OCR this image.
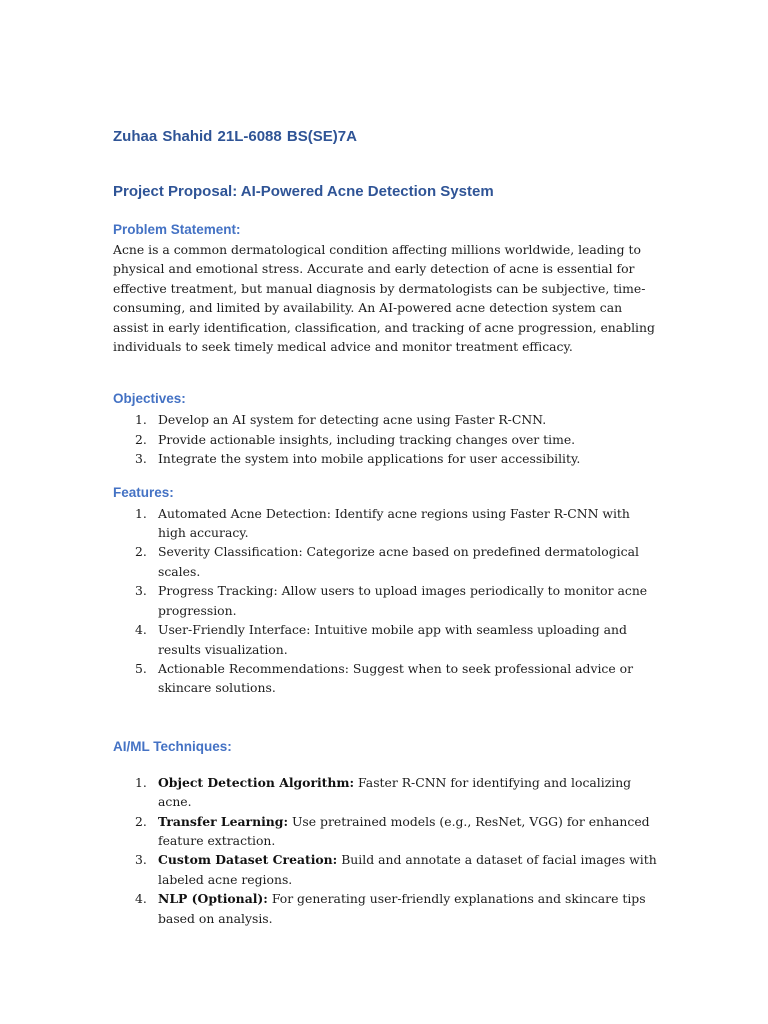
Zuhaa Shahid 21L-6088 BS(SE)7A
Project Proposal: AI-Powered Acne Detection System
Problem Statement:

Acne is a common dermatological condition affecting millions worldwide, leading to physical and emotional stress. Accurate and early detection of acne is essential for effective treatment, but manual diagnosis by dermatologists can be subjective, time-consuming, and limited by availability. An AI-powered acne detection system can assist in early identification, classification, and tracking of acne progression, enabling individuals to seek timely medical advice and monitor treatment efficacy.

Objectives:
1. Develop an AI system for detecting acne using Faster R-CNN.
2. Provide actionable insights, including tracking changes over time.
3. Integrate the system into mobile applications for user accessibility.
Features:
1. Automated Acne Detection: Identify acne regions using Faster R-CNN with high accuracy.
2. Severity Classification: Categorize acne based on predefined dermatological scales.
3. Progress Tracking: Allow users to upload images periodically to monitor acne progression.
4. User-Friendly Interface: Intuitive mobile app with seamless uploading and results visualization.
5. Actionable Recommendations: Suggest when to seek professional advice or skincare solutions.
AI/ML Techniques:
1. Object Detection Algorithm: Faster R-CNN for identifying and localizing acne.
2. Transfer Learning: Use pretrained models (e.g., ResNet, VGG) for enhanced feature extraction.
3. Custom Dataset Creation: Build and annotate a dataset of facial images with labeled acne regions.
4. NLP (Optional): For generating user-friendly explanations and skincare tips based on analysis.
